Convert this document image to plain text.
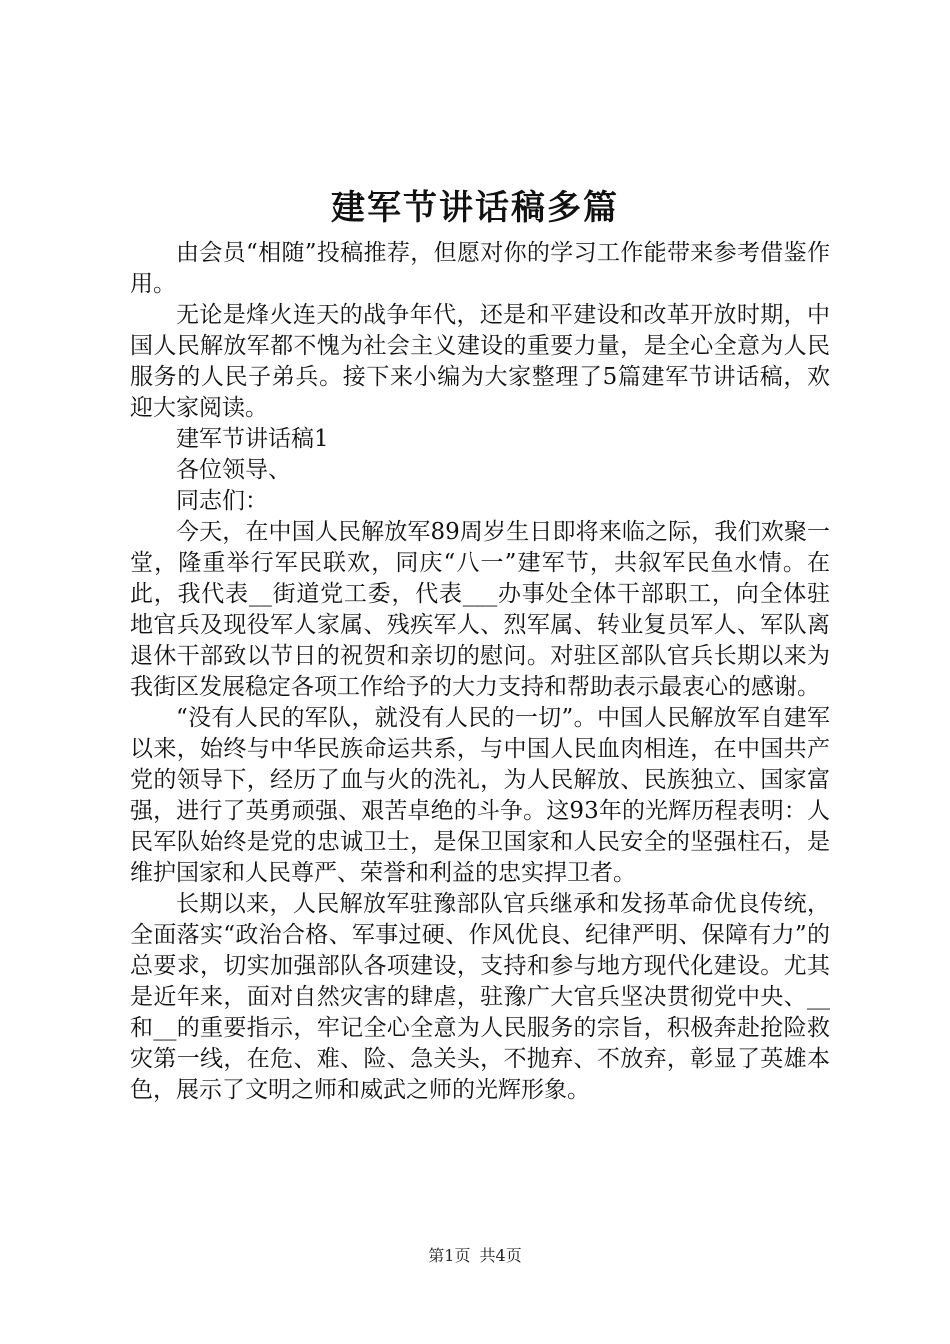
建军节讲话稿多篇

由会员“相随”投稿推荐，但愿对你的学习工作能带来参考借鉴作用。

无论是烽火连天的战争年代，还是和平建设和改革开放时期，中国人民解放军都不愧为社会主义建设的重要力量，是全心全意为人民服务的人民子弟兵。接下来小编为大家整理了5篇建军节讲话稿，欢迎大家阅读。

建军节讲话稿1

各位领导、

同志们：

今天，在中国人民解放军89周岁生日即将来临之际，我们欢聚一堂，隆重举行军民联欢，同庆“八一”建军节，共叙军民鱼水情。在此，我代表__街道党工委，代表___办事处全体干部职工，向全体驻地官兵及现役军人家属、残疾军人、烈军属、转业复员军人、军队离退休干部致以节日的祝贺和亲切的慰问。对驻区部队官兵长期以来为我街区发展稳定各项工作给予的大力支持和帮助表示最衷心的感谢。

“没有人民的军队，就没有人民的一切”。中国人民解放军自建军以来，始终与中华民族命运共系，与中国人民血肉相连，在中国共产党的领导下，经历了血与火的洗礼，为人民解放、民族独立、国家富强，进行了英勇顽强、艰苦卓绝的斗争。这93年的光辉历程表明：人民军队始终是党的忠诚卫士，是保卫国家和人民安全的坚强柱石，是维护国家和人民尊严、荣誉和利益的忠实捍卫者。

长期以来，人民解放军驻豫部队官兵继承和发扬革命优良传统，全面落实“政治合格、军事过硬、作风优良、纪律严明、保障有力”的总要求，切实加强部队各项建设，支持和参与地方现代化建设。尤其是近年来，面对自然灾害的肆虐，驻豫广大官兵坚决贯彻党中央、__和__的重要指示，牢记全心全意为人民服务的宗旨，积极奔赴抢险救灾第一线，在危、难、险、急关头，不抛弃、不放弃，彰显了英雄本色，展示了文明之师和威武之师的光辉形象。

第1页 共4页
